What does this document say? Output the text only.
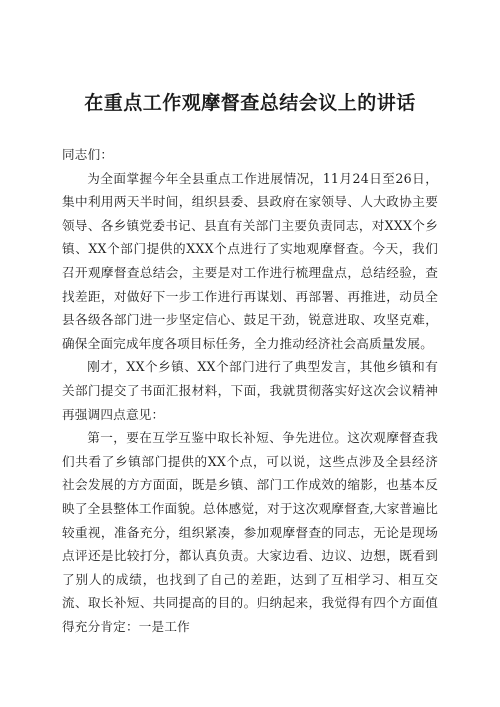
在重点工作观摩督查总结会议上的讲话

同志们：

为全面掌握今年全县重点工作进展情况，11月24日至26日，集中利用两天半时间，组织县委、县政府在家领导、人大政协主要领导、各乡镇党委书记、县直有关部门主要负责同志，对XXX个乡镇、XX个部门提供的XXX个点进行了实地观摩督查。今天，我们召开观摩督查总结会，主要是对工作进行梳理盘点，总结经验，查找差距，对做好下一步工作进行再谋划、再部署、再推进，动员全县各级各部门进一步坚定信心、鼓足干劲，锐意进取、攻坚克难，确保全面完成年度各项目标任务，全力推动经济社会高质量发展。

刚才，XX个乡镇、XX个部门进行了典型发言，其他乡镇和有关部门提交了书面汇报材料，下面，我就贯彻落实好这次会议精神再强调四点意见：

第一，要在互学互鉴中取长补短、争先进位。这次观摩督查我们共看了乡镇部门提供的XX个点，可以说，这些点涉及全县经济社会发展的方方面面，既是乡镇、部门工作成效的缩影，也基本反映了全县整体工作面貌。总体感觉，对于这次观摩督查,大家普遍比较重视，准备充分，组织紧凑，参加观摩督查的同志，无论是现场点评还是比较打分，都认真负责。大家边看、边议、边想，既看到了别人的成绩，也找到了自己的差距，达到了互相学习、相互交流、取长补短、共同提高的目的。归纳起来，我觉得有四个方面值得充分肯定：一是工作
